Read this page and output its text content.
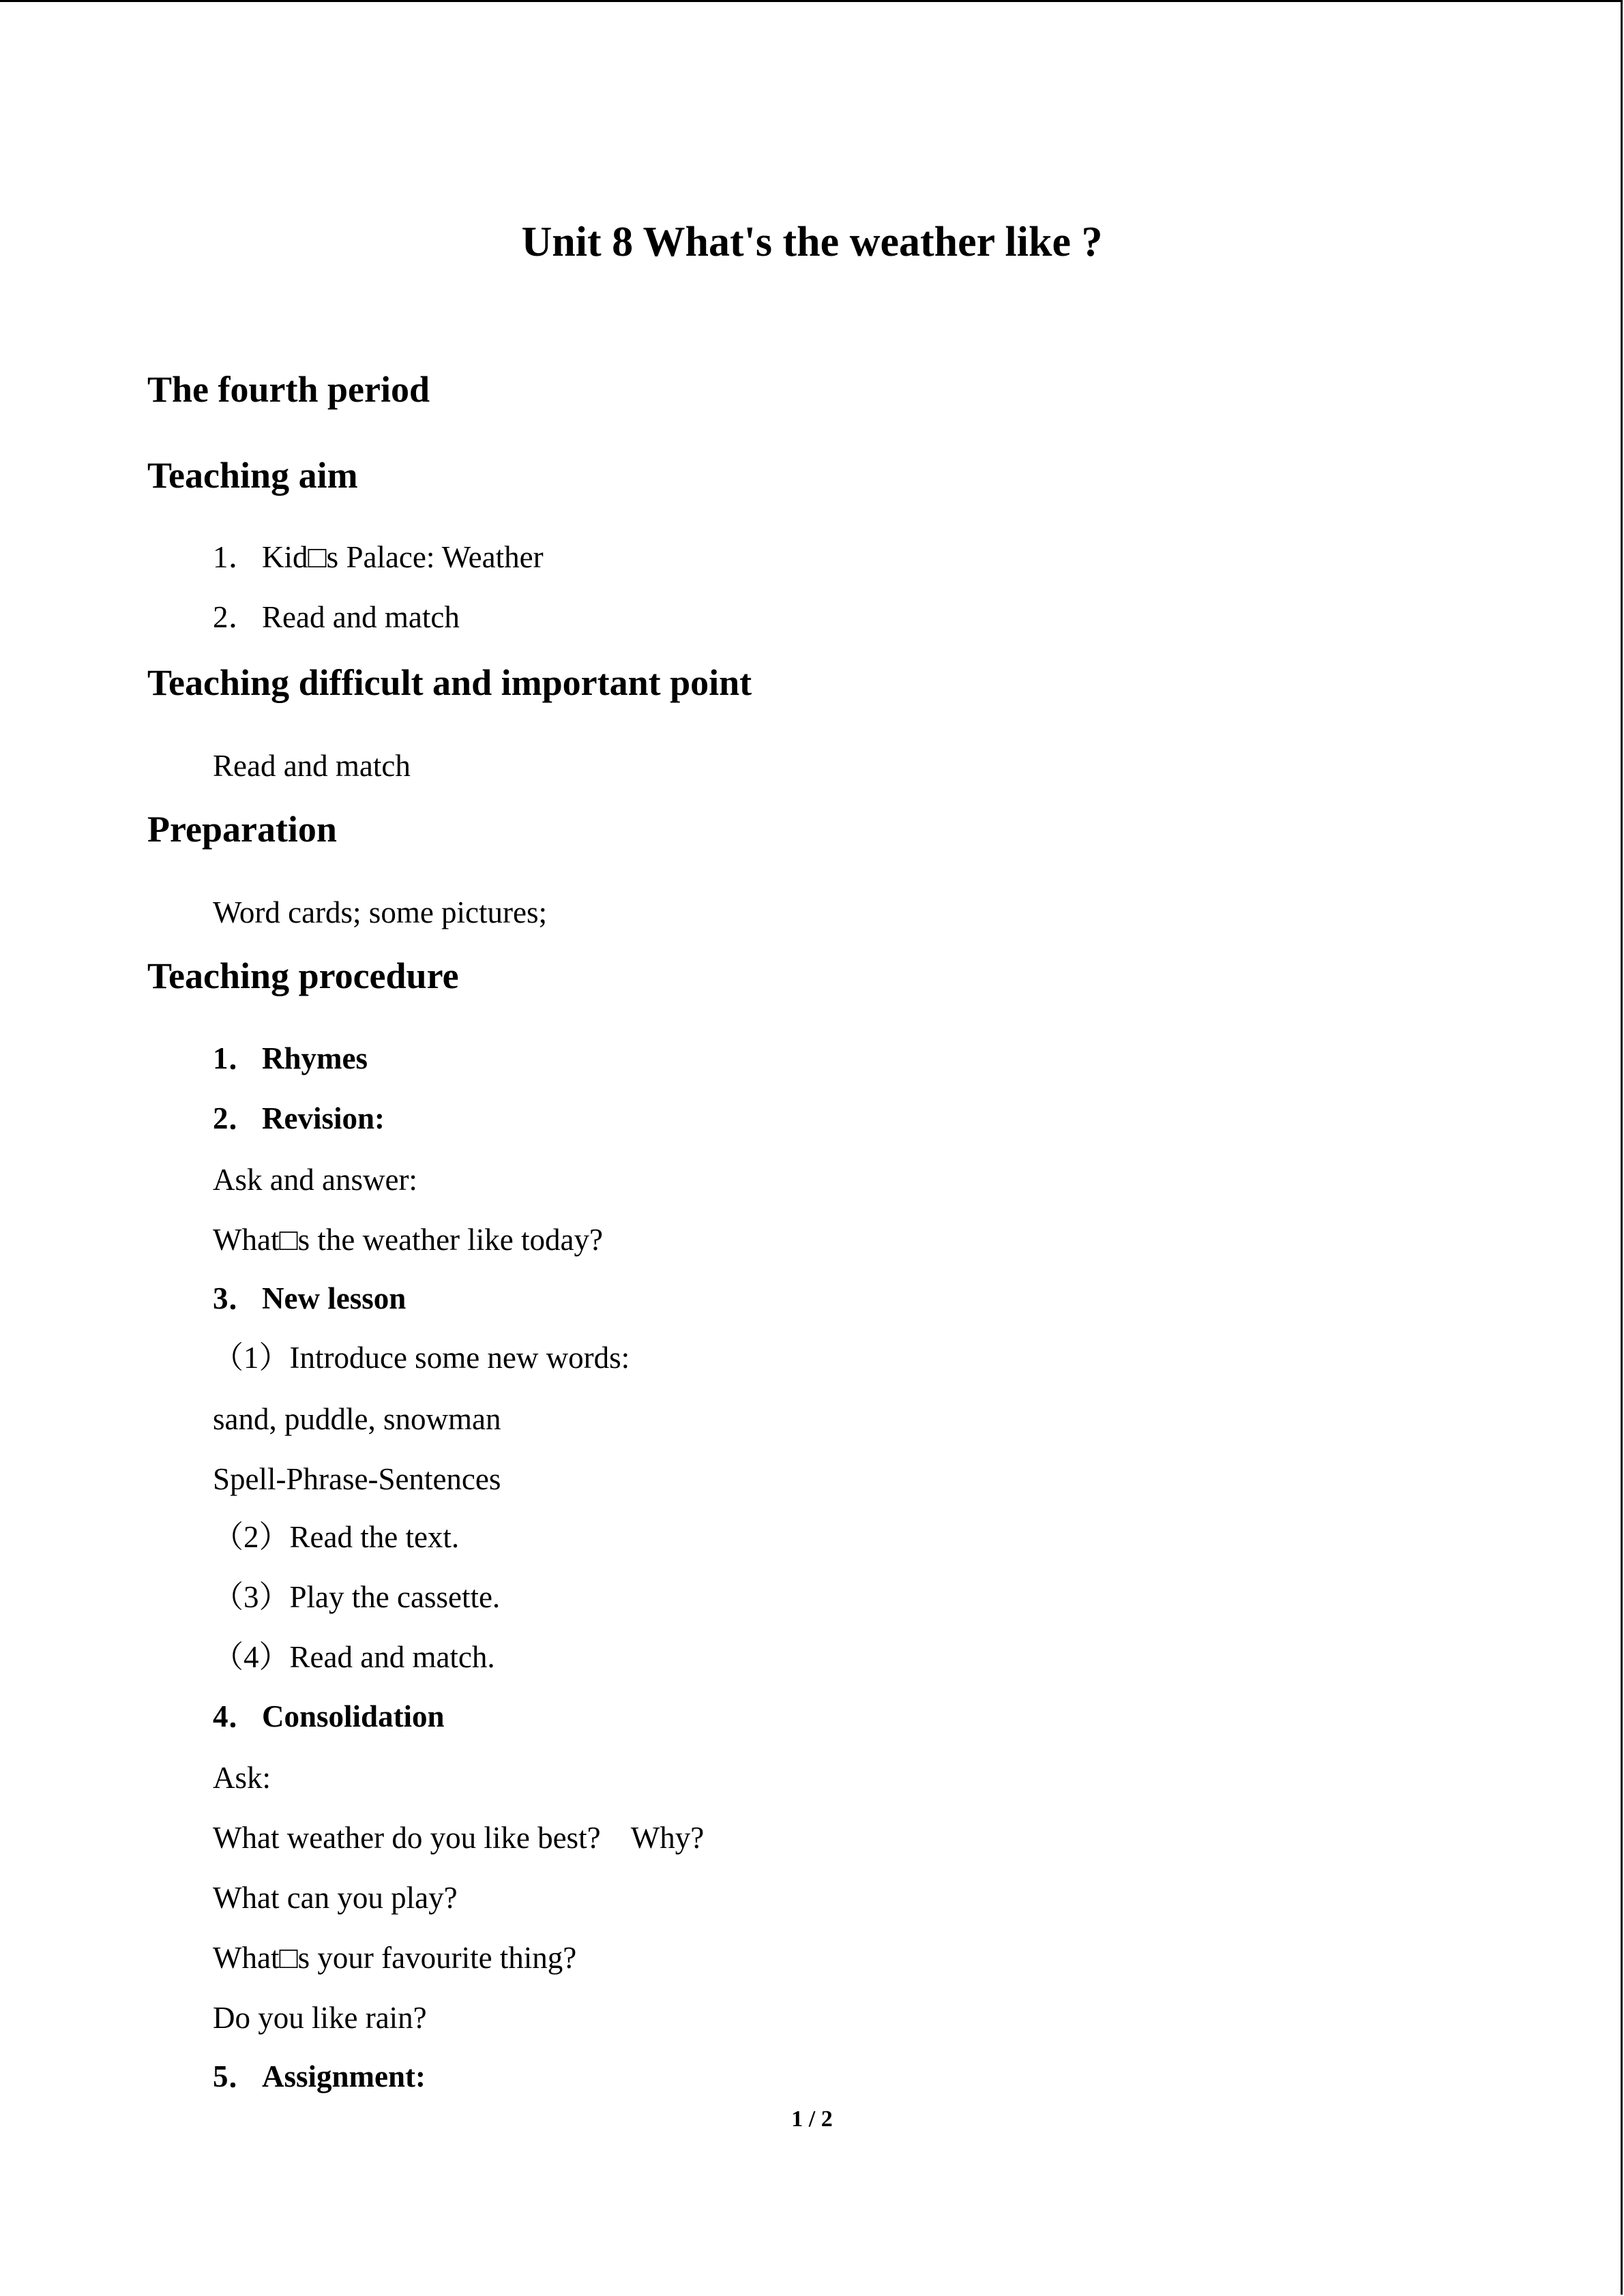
Unit 8 What's the weather like ?
The fourth period
Teaching aim

1．Kid□s Palace: Weather

2．Read and match

Teaching difficult and important point

Read and match

Preparation

Word cards; some pictures;

Teaching procedure

1．Rhymes

2．Revision:

Ask and answer:

What□s the weather like today?

3．New lesson

（1）Introduce some new words:

sand, puddle, snowman

Spell-Phrase-Sentences

（2）Read the text.

（3）Play the cassette.

（4）Read and match.

4．Consolidation

Ask:

What weather do you like best?    Why?

What can you play?

What□s your favourite thing?

Do you like rain?

5．Assignment:

1 / 2
